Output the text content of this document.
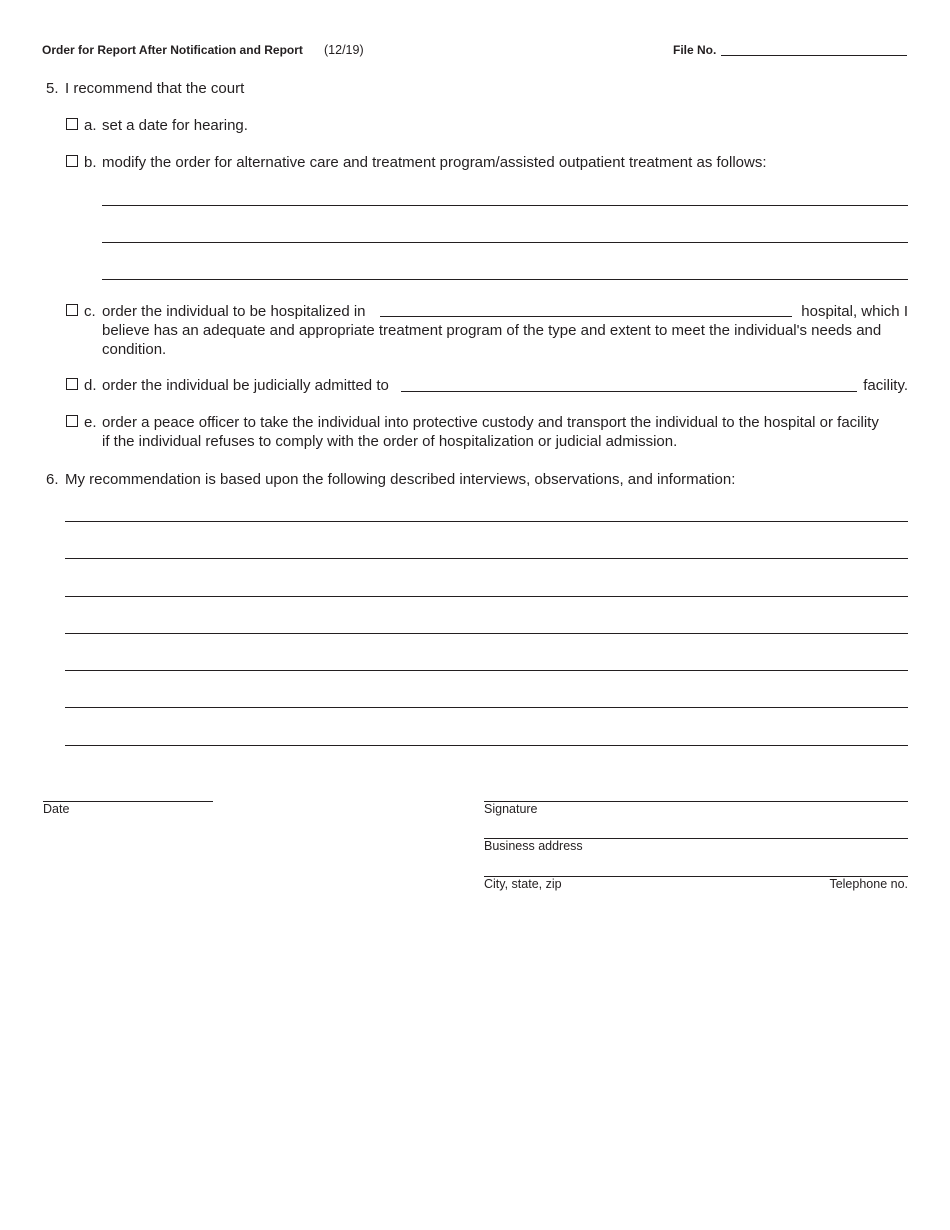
Order for Report After Notification and Report (12/19)	File No.
5. I recommend that the court
a. set a date for hearing.
b. modify the order for alternative care and treatment program/assisted outpatient treatment as follows:
c. order the individual to be hospitalized in	hospital, which I
believe has an adequate and appropriate treatment program of the type and extent to meet the individual's needs and condition.
d. order the individual be judicially admitted to	facility.
e. order a peace officer to take the individual into protective custody and transport the individual to the hospital or facility
if the individual refuses to comply with the order of hospitalization or judicial admission.
6. My recommendation is based upon the following described interviews, observations, and information:
Date	Signature
Business address
City, state, zip	Telephone no.
